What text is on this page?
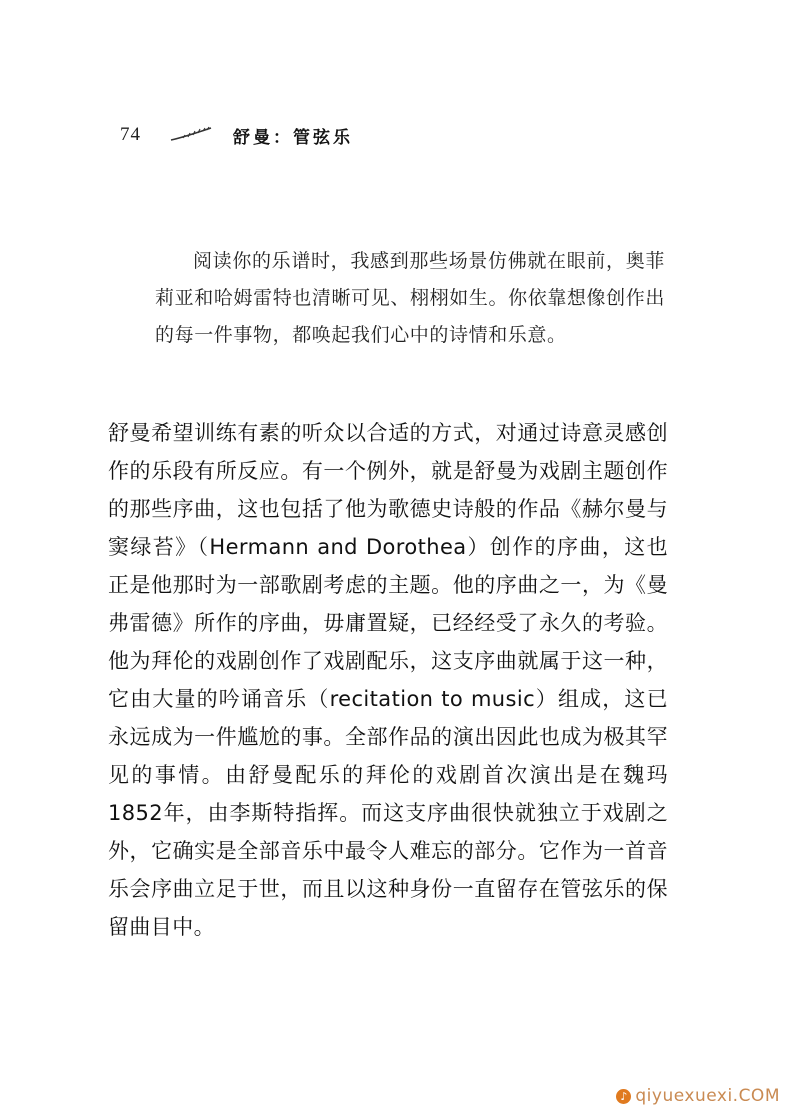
74	舒曼：管弦乐
阅读你的乐谱时，我感到那些场景仿佛就在眼前，奥菲莉亚和哈姆雷特也清晰可见、栩栩如生。你依靠想像创作出的每一件事物，都唤起我们心中的诗情和乐意。
舒曼希望训练有素的听众以合适的方式，对通过诗意灵感创作的乐段有所反应。有一个例外，就是舒曼为戏剧主题创作的那些序曲，这也包括了他为歌德史诗般的作品《赫尔曼与窦绿苔》（Hermann and Dorothea）创作的序曲，这也正是他那时为一部歌剧考虑的主题。他的序曲之一，为《曼弗雷德》所作的序曲，毋庸置疑，已经经受了永久的考验。他为拜伦的戏剧创作了戏剧配乐，这支序曲就属于这一种，它由大量的吟诵音乐（recitation to music）组成，这已永远成为一件尴尬的事。全部作品的演出因此也成为极其罕见的事情。由舒曼配乐的拜伦的戏剧首次演出是在魏玛1852年，由李斯特指挥。而这支序曲很快就独立于戏剧之外，它确实是全部音乐中最令人难忘的部分。它作为一首音乐会序曲立足于世，而且以这种身份一直留存在管弦乐的保留曲目中。
♪ qiyuexuexi.COM
